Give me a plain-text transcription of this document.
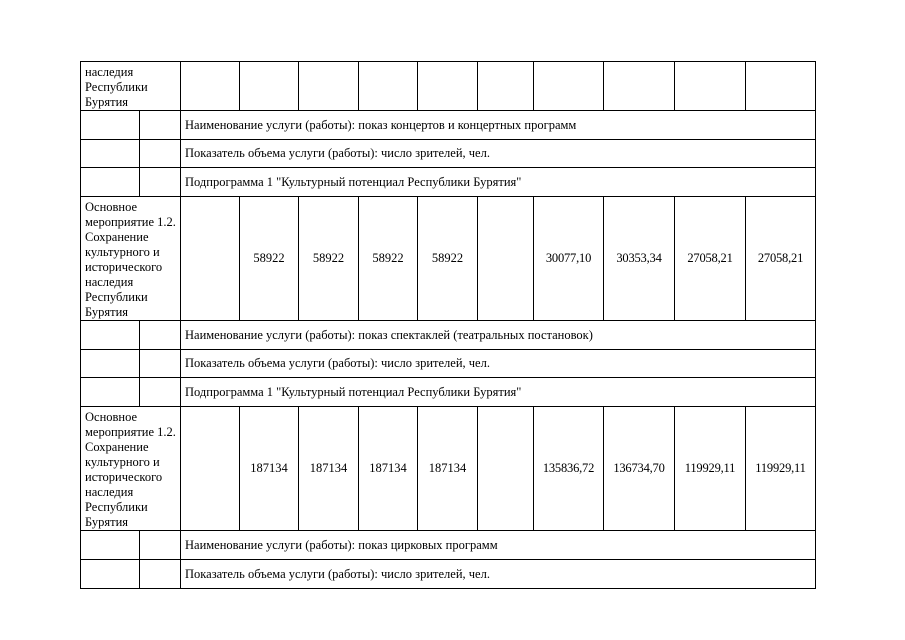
наследия Республики Бурятия											
		Наименование услуги (работы): показ концертов и концертных программ									
		Показатель объема услуги (работы): число зрителей, чел.									
		Подпрограмма 1 "Культурный потенциал Республики Бурятия"									
Основное мероприятие 1.2. Сохранение культурного и исторического наследия Республики Бурятия			58922	58922	58922	58922		30077,10	30353,34	27058,21	27058,21
		Наименование услуги (работы): показ спектаклей (театральных постановок)									
		Показатель объема услуги (работы): число зрителей, чел.									
		Подпрограмма 1 "Культурный потенциал Республики Бурятия"									
Основное мероприятие 1.2. Сохранение культурного и исторического наследия Республики Бурятия			187134	187134	187134	187134		135836,72	136734,70	119929,11	119929,11
		Наименование услуги (работы): показ цирковых программ									
		Показатель объема услуги (работы): число зрителей, чел.									
